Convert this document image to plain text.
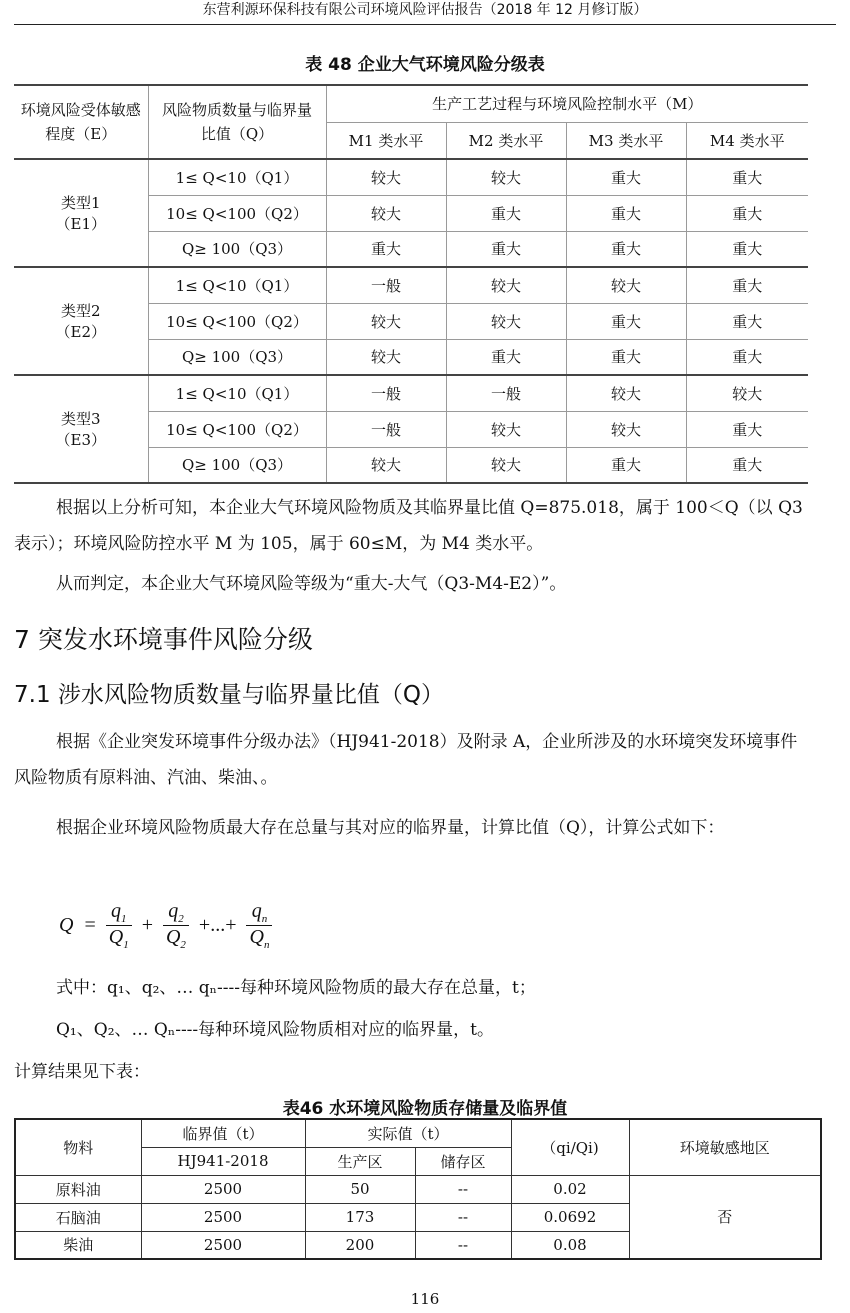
东营利源环保科技有限公司环境风险评估报告（2018 年 12 月修订版）
表 48 企业大气环境风险分级表
环境风险受体敏感程度（E）	风险物质数量与临界量比值（Q）	生产工艺过程与环境风险控制水平（M）			
		M1 类水平	M2 类水平	M3 类水平	M4 类水平
类型1
（E1）	1≤ Q<10（Q1）	较大	较大	重大	重大
	10≤ Q<100（Q2）	较大	重大	重大	重大
	Q≥ 100（Q3）	重大	重大	重大	重大
类型2
（E2）	1≤ Q<10（Q1）	一般	较大	较大	重大
	10≤ Q<100（Q2）	较大	较大	重大	重大
	Q≥ 100（Q3）	较大	重大	重大	重大
类型3
（E3）	1≤ Q<10（Q1）	一般	一般	较大	较大
	10≤ Q<100（Q2）	一般	较大	较大	重大
	Q≥ 100（Q3）	较大	较大	重大	重大
根据以上分析可知，本企业大气环境风险物质及其临界量比值 Q=875.018，属于 100＜Q（以 Q3 表示）；环境风险防控水平 M 为 105，属于 60≤M，为 M4 类水平。
从而判定，本企业大气环境风险等级为“重大-大气（Q3-M4-E2）”。
7 突发水环境事件风险分级
7.1 涉水风险物质数量与临界量比值（Q）
根据《企业突发环境事件分级办法》（HJ941-2018）及附录 A，企业所涉及的水环境突发环境事件风险物质有原料油、汽油、柴油、。
根据企业环境风险物质最大存在总量与其对应的临界量，计算比值（Q），计算公式如下：
$Q = \frac{q_1}{Q_1} + \frac{q_2}{Q_2}$ +...+ $\frac{q_n}{Q_n}$
式中：q₁、q₂、… qₙ----每种环境风险物质的最大存在总量，t；
Q₁、Q₂、… Qₙ----每种环境风险物质相对应的临界量，t。
计算结果见下表：
表46 水环境风险物质存储量及临界值
物料	临界值（t）	实际值（t）		（qi/Qi)	环境敏感地区
	HJ941-2018	生产区	储存区		
原料油	2500	50	--	0.02	否
石脑油	2500	173	--	0.0692	
柴油	2500	200	--	0.08	
116
